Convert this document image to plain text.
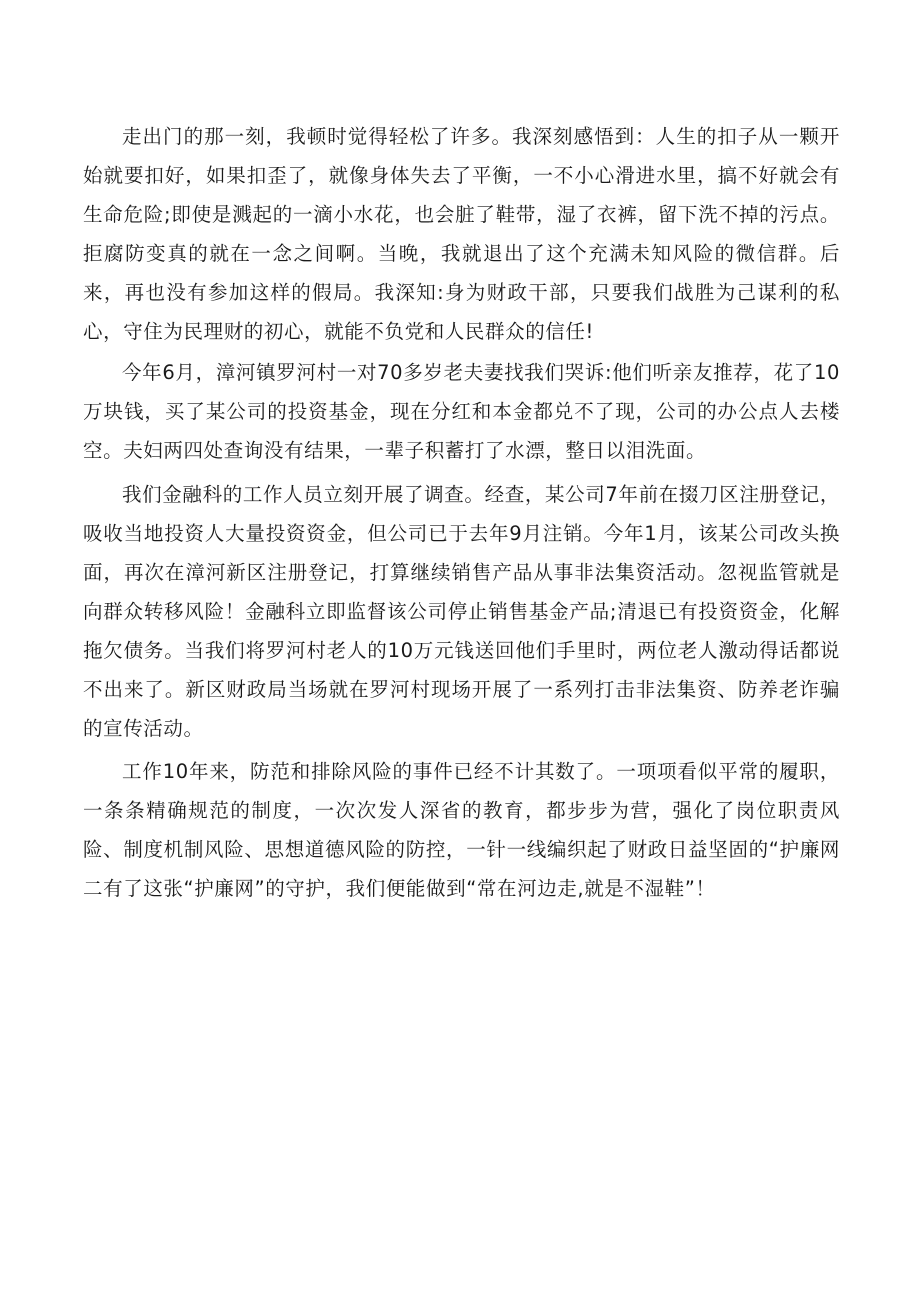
走出门的那一刻，我顿时觉得轻松了许多。我深刻感悟到：人生的扣子从一颗开始就要扣好，如果扣歪了，就像身体失去了平衡，一不小心滑进水里，搞不好就会有生命危险;即使是溅起的一滴小水花，也会脏了鞋带，湿了衣裤，留下洗不掉的污点。拒腐防变真的就在一念之间啊。当晚，我就退出了这个充满未知风险的微信群。后来，再也没有参加这样的假局。我深知:身为财政干部，只要我们战胜为己谋利的私心，守住为民理财的初心，就能不负党和人民群众的信任!

今年6月，漳河镇罗河村一对70多岁老夫妻找我们哭诉:他们听亲友推荐，花了10万块钱，买了某公司的投资基金，现在分红和本金都兑不了现，公司的办公点人去楼空。夫妇两四处查询没有结果，一辈子积蓄打了水漂，整日以泪洗面。

我们金融科的工作人员立刻开展了调查。经查，某公司7年前在掇刀区注册登记，吸收当地投资人大量投资资金，但公司已于去年9月注销。今年1月，该某公司改头换面，再次在漳河新区注册登记，打算继续销售产品从事非法集资活动。忽视监管就是向群众转移风险！金融科立即监督该公司停止销售基金产品;清退已有投资资金，化解拖欠债务。当我们将罗河村老人的10万元钱送回他们手里时，两位老人激动得话都说不出来了。新区财政局当场就在罗河村现场开展了一系列打击非法集资、防养老诈骗的宣传活动。

工作10年来，防范和排除风险的事件已经不计其数了。一项项看似平常的履职，一条条精确规范的制度，一次次发人深省的教育，都步步为营，强化了岗位职责风险、制度机制风险、思想道德风险的防控，一针一线编织起了财政日益坚固的“护廉网二有了这张“护廉网”的守护，我们便能做到“常在河边走,就是不湿鞋”！
